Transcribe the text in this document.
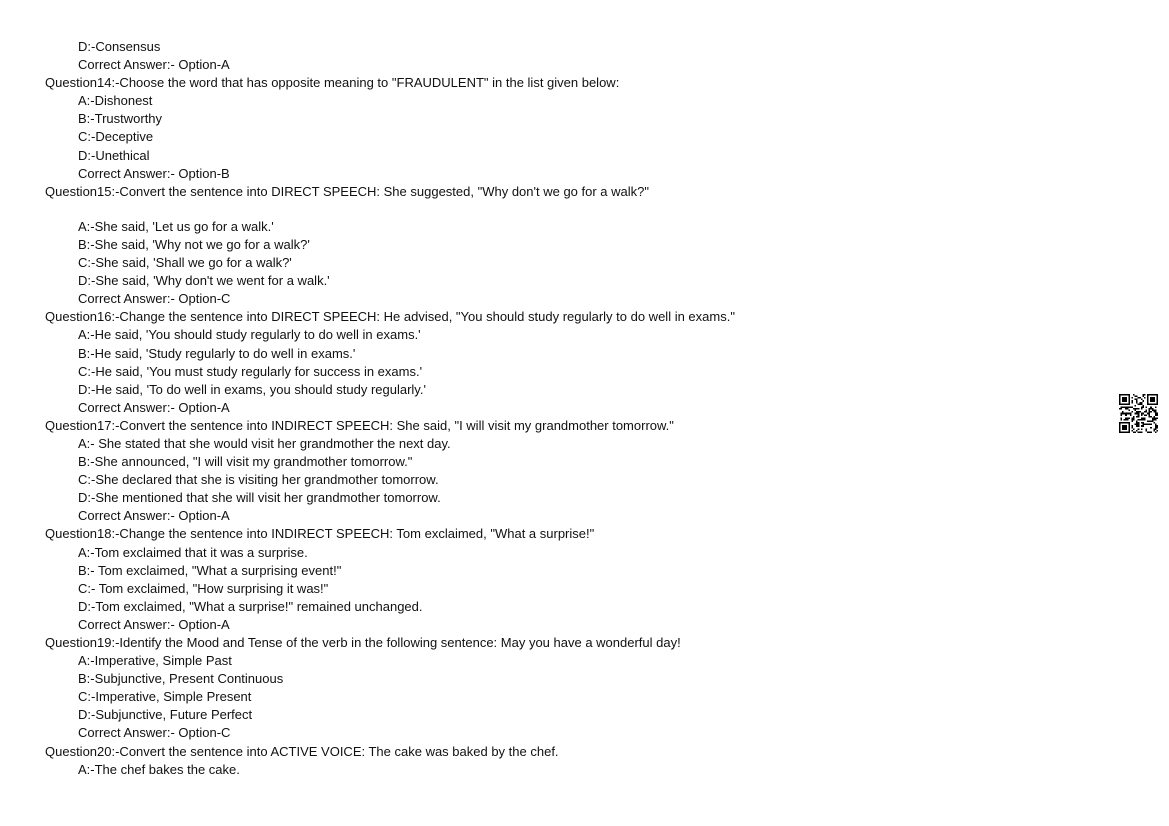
D:-Consensus
Correct Answer:- Option-A
Question14:-Choose the word that has opposite meaning to "FRAUDULENT" in the list given below:
A:-Dishonest
B:-Trustworthy
C:-Deceptive
D:-Unethical
Correct Answer:- Option-B
Question15:-Convert the sentence into DIRECT SPEECH: She suggested, "Why don't we go for a walk?"
A:-She said, 'Let us go for a walk.'
B:-She said, 'Why not we go for a walk?'
C:-She said, 'Shall we go for a walk?'
D:-She said, 'Why don't we went for a walk.'
Correct Answer:- Option-C
Question16:-Change the sentence into DIRECT SPEECH: He advised, "You should study regularly to do well in exams."
A:-He said, 'You should study regularly to do well in exams.'
B:-He said, 'Study regularly to do well in exams.'
C:-He said, 'You must study regularly for success in exams.'
D:-He said, 'To do well in exams, you should study regularly.'
Correct Answer:- Option-A
Question17:-Convert the sentence into INDIRECT SPEECH: She said, "I will visit my grandmother tomorrow."
A:- She stated that she would visit her grandmother the next day.
B:-She announced, "I will visit my grandmother tomorrow."
C:-She declared that she is visiting her grandmother tomorrow.
D:-She mentioned that she will visit her grandmother tomorrow.
Correct Answer:- Option-A
Question18:-Change the sentence into INDIRECT SPEECH: Tom exclaimed, "What a surprise!"
A:-Tom exclaimed that it was a surprise.
B:- Tom exclaimed, "What a surprising event!"
C:- Tom exclaimed, "How surprising it was!"
D:-Tom exclaimed, "What a surprise!" remained unchanged.
Correct Answer:- Option-A
Question19:-Identify the Mood and Tense of the verb in the following sentence: May you have a wonderful day!
A:-Imperative, Simple Past
B:-Subjunctive, Present Continuous
C:-Imperative, Simple Present
D:-Subjunctive, Future Perfect
Correct Answer:- Option-C
Question20:-Convert the sentence into ACTIVE VOICE: The cake was baked by the chef.
A:-The chef bakes the cake.
